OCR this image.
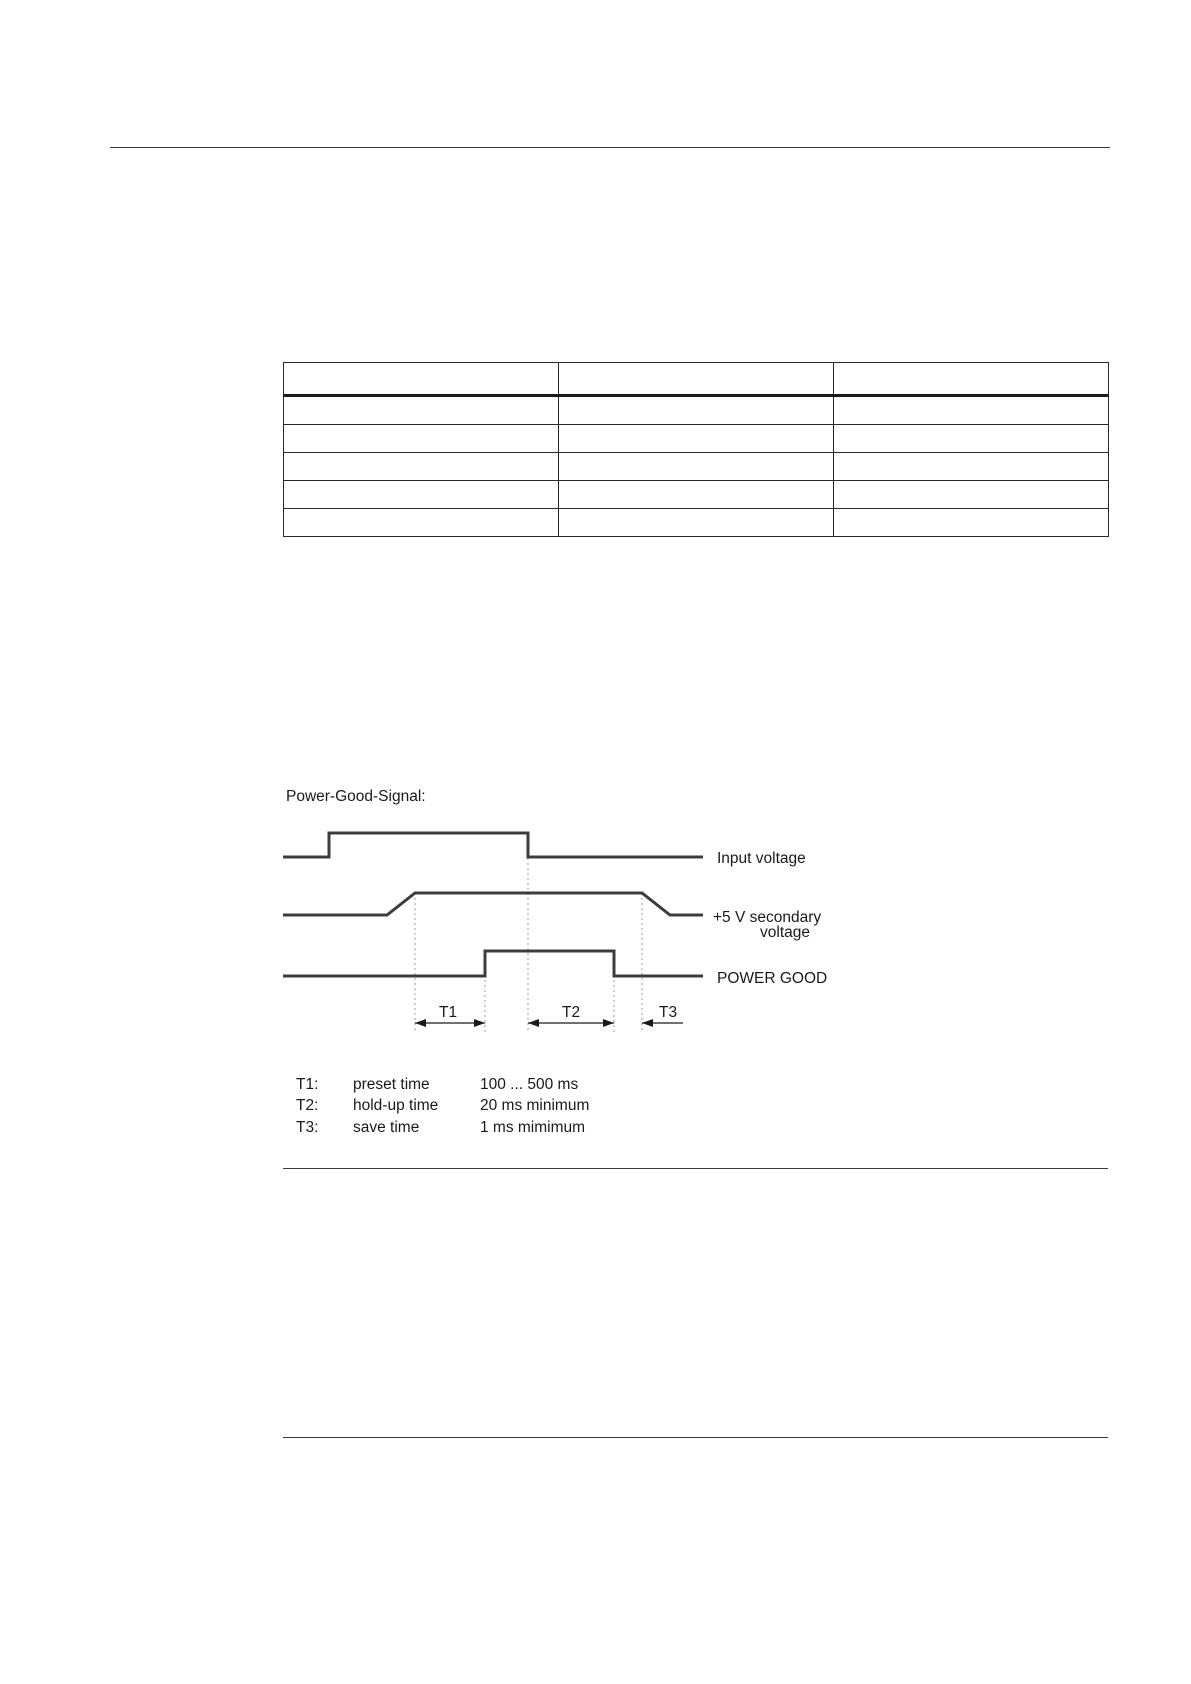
Power-Good-Signal:
Input voltage
+5 V secondary
voltage
POWER GOOD
T1	T2	T3
T1:	preset time	100 ... 500 ms
T2:	hold-up time	20 ms minimum
T3:	save time	1 ms mimimum
